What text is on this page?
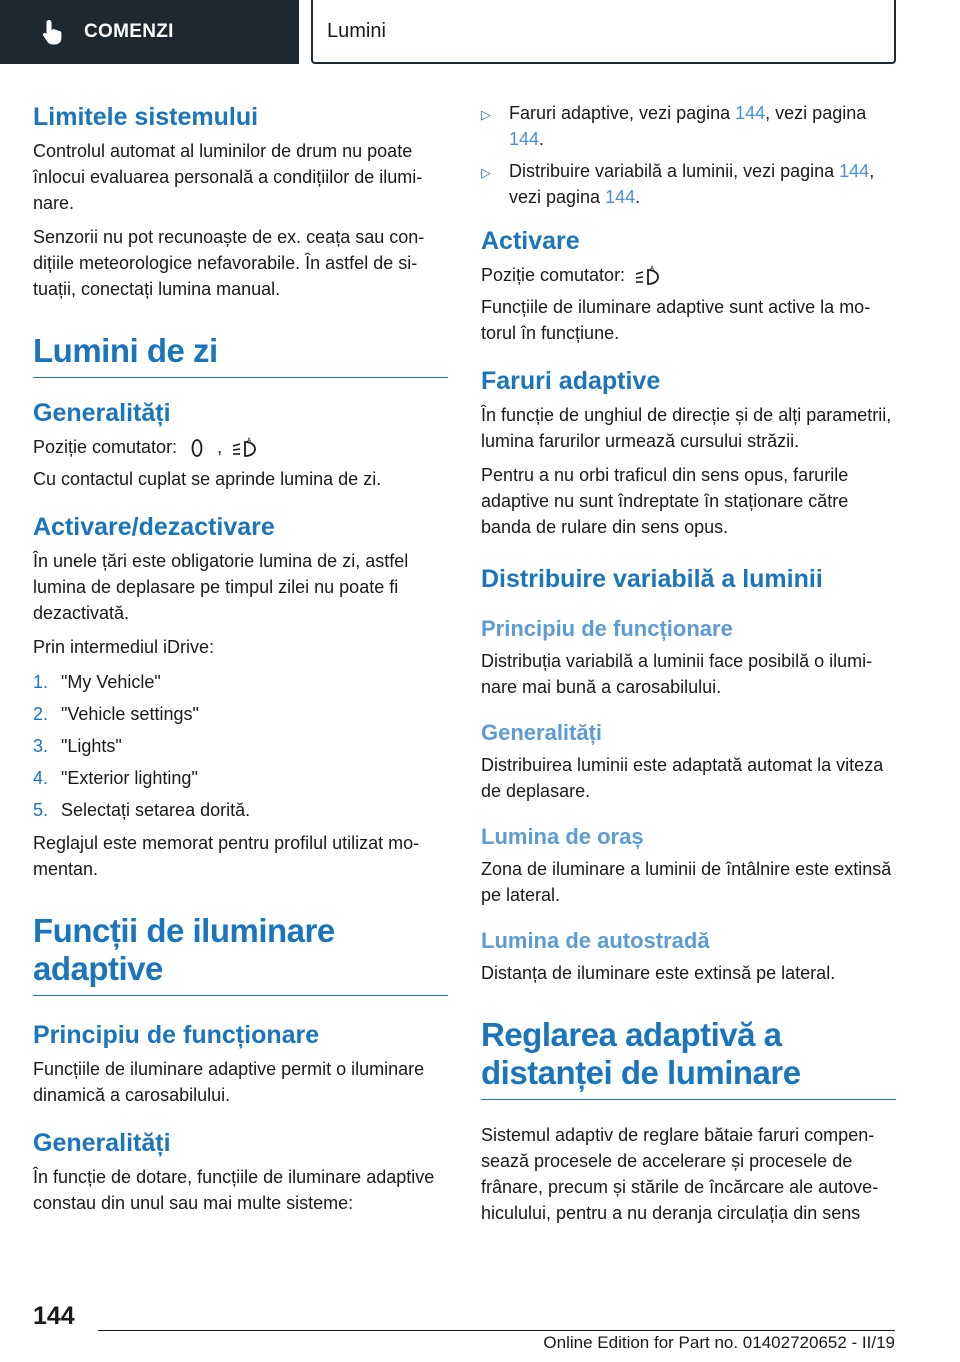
COMENZI	Lumini
Limitele sistemului

Controlul automat al luminilor de drum nu poate înlocui evaluarea personală a condițiilor de iluminare.

Senzorii nu pot recunoaște de ex. ceața sau condițiile meteorologice nefavorabile. În astfel de situații, conectați lumina manual.

Lumini de zi
Generalități

Poziție comutator: ,	A

Cu contactul cuplat se aprinde lumina de zi.

Activare/dezactivare

În unele țări este obligatorie lumina de zi, astfel lumina de deplasare pe timpul zilei nu poate fi dezactivată.

Prin intermediul iDrive:

1. "My Vehicle"
2. "Vehicle settings"
3. "Lights"
4. "Exterior lighting"
5. Selectați setarea dorită.

Reglajul este memorat pentru profilul utilizat momentan.

Funcții de iluminare adaptive
Principiu de funcționare

Funcțiile de iluminare adaptive permit o iluminare dinamică a carosabilului.

Generalități

În funcție de dotare, funcțiile de iluminare adaptive constau din unul sau mai multe sisteme:

▷	Faruri adaptive, vezi pagina 144, vezi pagina 144.
▷	Distribuire variabilă a luminii, vezi pagina 144, vezi pagina 144.
Activare

Poziție comutator:	A

Funcțiile de iluminare adaptive sunt active la motorul în funcțiune.

Faruri adaptive

În funcție de unghiul de direcție și de alți parametrii, lumina farurilor urmează cursului străzii.

Pentru a nu orbi traficul din sens opus, farurile adaptive nu sunt îndreptate în staționare către banda de rulare din sens opus.

Distribuire variabilă a luminii
Principiu de funcționare

Distribuția variabilă a luminii face posibilă o iluminare mai bună a carosabilului.

Generalități

Distribuirea luminii este adaptată automat la viteza de deplasare.

Lumina de oraș

Zona de iluminare a luminii de întâlnire este extinsă pe lateral.

Lumina de autostradă

Distanța de iluminare este extinsă pe lateral.

Reglarea adaptivă a distanței de luminare

Sistemul adaptiv de reglare bătaie faruri compensează procesele de accelerare și procesele de frânare, precum și stările de încărcare ale autovehiculului, pentru a nu deranja circulația din sens

144
Online Edition for Part no. 01402720652 - II/19
